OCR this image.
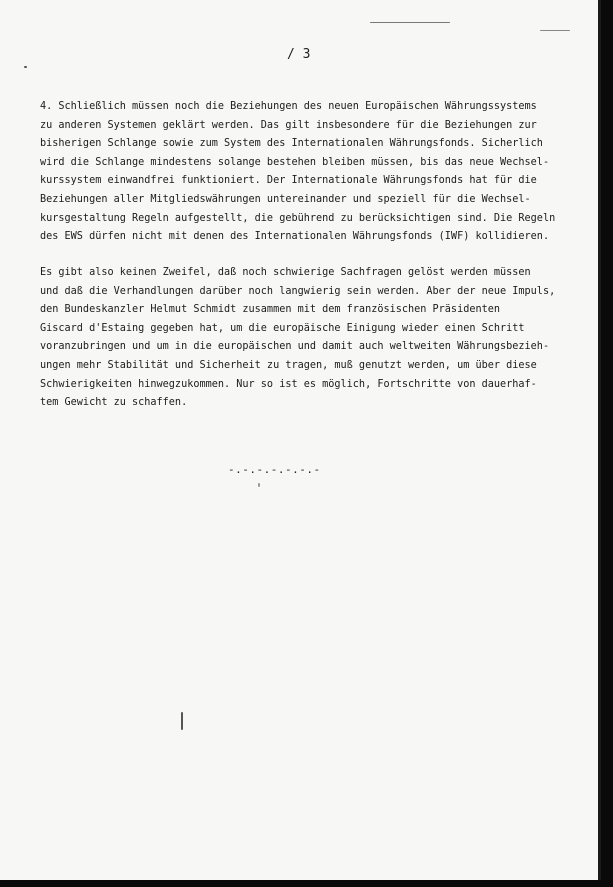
/ 3

4. Schließlich müssen noch die Beziehungen des neuen Europäischen Währungssystems
zu anderen Systemen geklärt werden. Das gilt insbesondere für die Beziehungen zur
bisherigen Schlange sowie zum System des Internationalen Währungsfonds. Sicherlich
wird die Schlange mindestens solange bestehen bleiben müssen, bis das neue Wechsel-
kurssystem einwandfrei funktioniert. Der Internationale Währungsfonds hat für die
Beziehungen aller Mitgliedswährungen untereinander und speziell für die Wechsel-
kursgestaltung Regeln aufgestellt, die gebührend zu berücksichtigen sind. Die Regeln
des EWS dürfen nicht mit denen des Internationalen Währungsfonds (IWF) kollidieren.

Es gibt also keinen Zweifel, daß noch schwierige Sachfragen gelöst werden müssen
und daß die Verhandlungen darüber noch langwierig sein werden. Aber der neue Impuls,
den Bundeskanzler Helmut Schmidt zusammen mit dem französischen Präsidenten
Giscard d'Estaing gegeben hat, um die europäische Einigung wieder einen Schritt
voranzubringen und um in die europäischen und damit auch weltweiten Währungsbezieh-
ungen mehr Stabilität und Sicherheit zu tragen, muß genutzt werden, um über diese
Schwierigkeiten hinwegzukommen. Nur so ist es möglich, Fortschritte von dauerhaf-
tem Gewicht zu schaffen.

-.-.-.-.-.-.-
